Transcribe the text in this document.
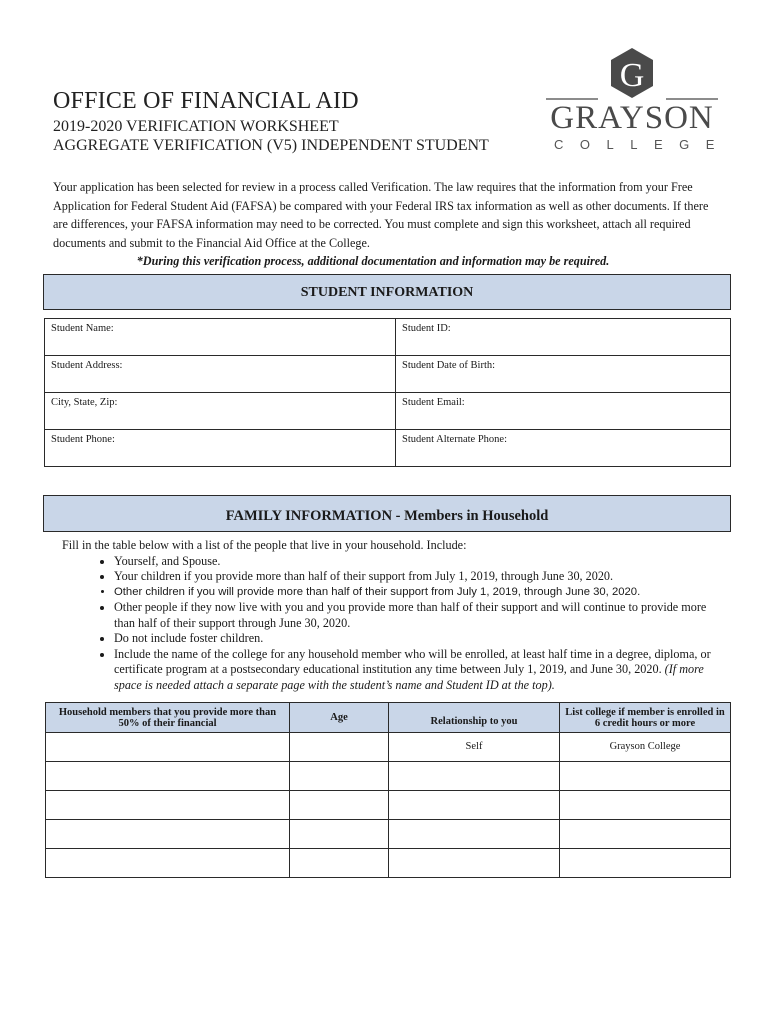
OFFICE OF FINANCIAL AID
2019-2020 VERIFICATION WORKSHEET
AGGREGATE VERIFICATION (V5) INDEPENDENT STUDENT
G
GRAYSON
COLLEGE

Your application has been selected for review in a process called Verification. The law requires that the information from your Free Application for Federal Student Aid (FAFSA) be compared with your Federal IRS tax information as well as other documents. If there are differences, your FAFSA information may need to be corrected. You must complete and sign this worksheet, attach all required documents and submit to the Financial Aid Office at the College.

*During this verification process, additional documentation and information may be required.

STUDENT INFORMATION
Student Name:	Student ID:
Student Address:	Student Date of Birth:
City, State, Zip:	Student Email:
Student Phone:	Student Alternate Phone:
FAMILY INFORMATION - Members in Household
Fill in the table below with a list of the people that live in your household. Include:
• Yourself, and Spouse.
• Your children if you provide more than half of their support from July 1, 2019, through June 30, 2020.
• Other children if you will provide more than half of their support from July 1, 2019, through June 30, 2020.
• Other people if they now live with you and you provide more than half of their support and will continue to provide more than half of their support through June 30, 2020.
• Do not include foster children.
• Include the name of the college for any household member who will be enrolled, at least half time in a degree, diploma, or certificate program at a postsecondary educational institution any time between July 1, 2019, and June 30, 2020. (If more space is needed attach a separate page with the student’s name and Student ID at the top).
Household members that you provide more than 50% of their financial	Age	Relationship to you	List college if member is enrolled in 6 credit hours or more
		Self	Grayson College
